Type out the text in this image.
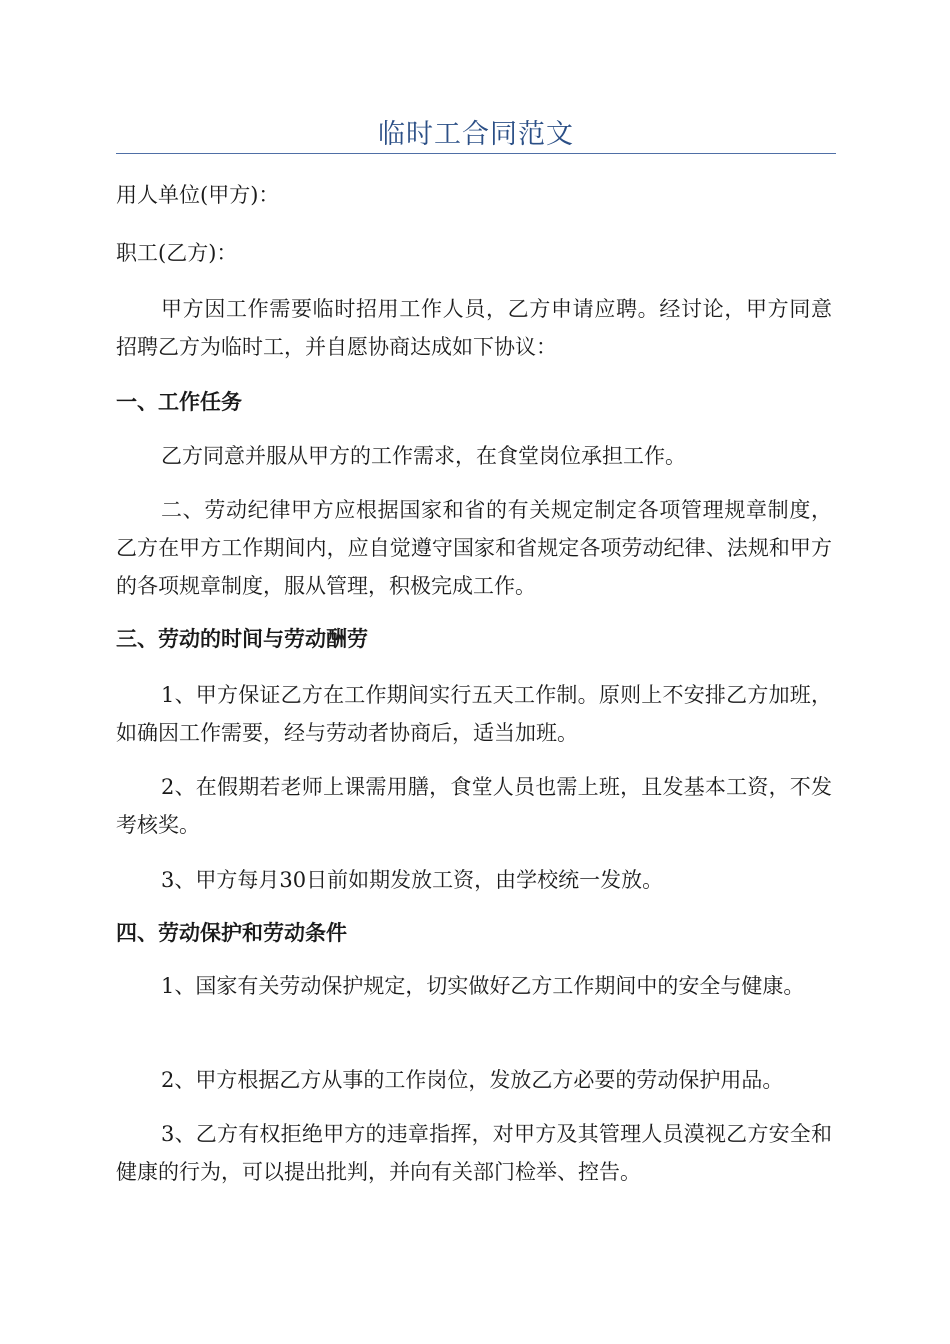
临时工合同范文
用人单位(甲方)：
职工(乙方)：
甲方因工作需要临时招用工作人员，乙方申请应聘。经讨论，甲方同意招聘乙方为临时工，并自愿协商达成如下协议：
一、工作任务
乙方同意并服从甲方的工作需求，在食堂岗位承担工作。
二、劳动纪律甲方应根据国家和省的有关规定制定各项管理规章制度，乙方在甲方工作期间内，应自觉遵守国家和省规定各项劳动纪律、法规和甲方的各项规章制度，服从管理，积极完成工作。
三、劳动的时间与劳动酬劳
1、甲方保证乙方在工作期间实行五天工作制。原则上不安排乙方加班，如确因工作需要，经与劳动者协商后，适当加班。
2、在假期若老师上课需用膳，食堂人员也需上班，且发基本工资，不发考核奖。
3、甲方每月30日前如期发放工资，由学校统一发放。
四、劳动保护和劳动条件
1、国家有关劳动保护规定，切实做好乙方工作期间中的安全与健康。
2、甲方根据乙方从事的工作岗位，发放乙方必要的劳动保护用品。
3、乙方有权拒绝甲方的违章指挥，对甲方及其管理人员漠视乙方安全和健康的行为，可以提出批判，并向有关部门检举、控告。
